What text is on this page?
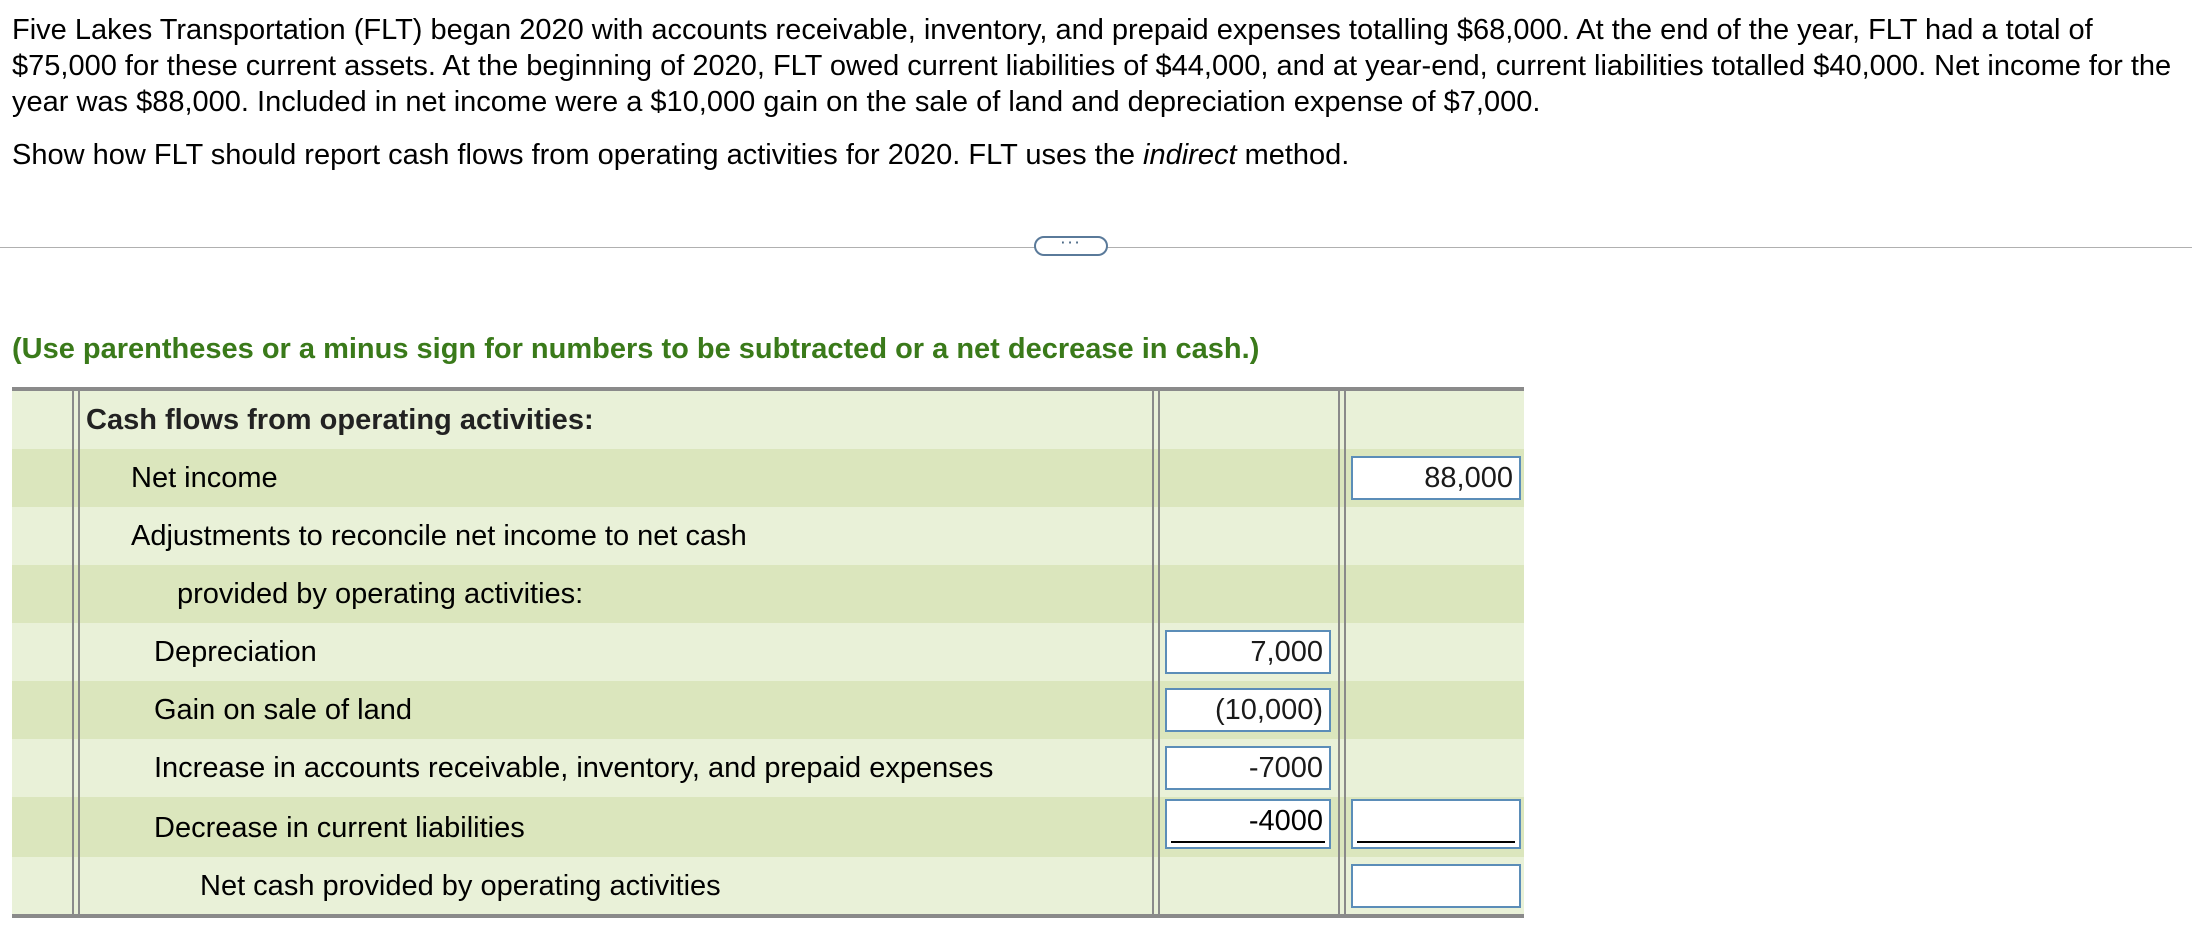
Five Lakes Transportation (FLT) began 2020 with accounts receivable, inventory, and prepaid expenses totalling $68,000. At the end of the year, FLT had a total of $75,000 for these current assets. At the beginning of 2020, FLT owed current liabilities of $44,000, and at year-end, current liabilities totalled $40,000. Net income for the year was $88,000. Included in net income were a $10,000 gain on the sale of land and depreciation expense of $7,000.

Show how FLT should report cash flows from operating activities for 2020. FLT uses the indirect method.

···
(Use parentheses or a minus sign for numbers to be subtracted or a net decrease in cash.)
Cash flows from operating activities:
Net income
88,000
Adjustments to reconcile net income to net cash
provided by operating activities:
Depreciation
7,000
Gain on sale of land
(10,000)
Increase in accounts receivable, inventory, and prepaid expenses
-7000
Decrease in current liabilities	-4000
Net cash provided by operating activities
